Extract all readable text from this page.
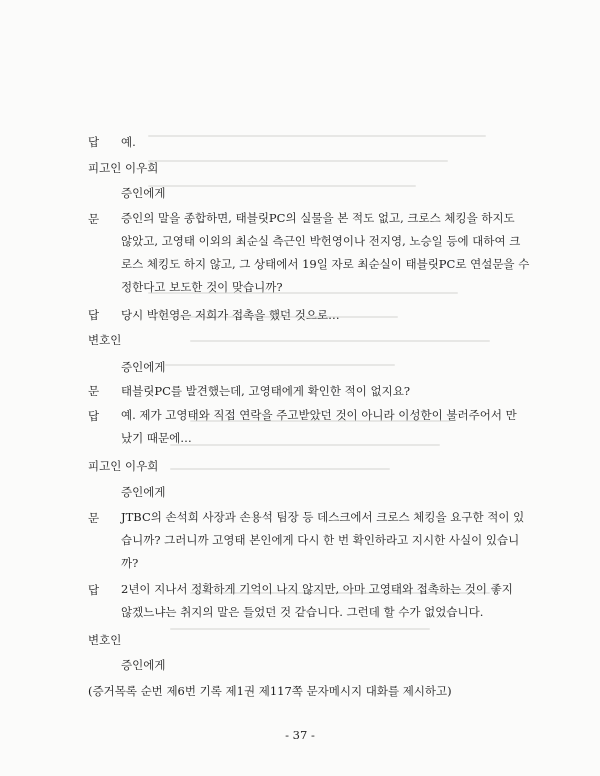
답 예.
피고인 이우희
증인에게
문 증인의 말을 종합하면, 태블릿PC의 실물을 본 적도 없고, 크로스 체킹을 하지도
않았고, 고영태 이외의 최순실 측근인 박헌영이나 전지영, 노승일 등에 대하여 크
로스 체킹도 하지 않고, 그 상태에서 19일 자로 최순실이 태블릿PC로 연설문을 수
정한다고 보도한 것이 맞습니까?
답 당시 박헌영은 저희가 접촉을 했던 것으로…
변호인
증인에게
문 태블릿PC를 발견했는데, 고영태에게 확인한 적이 없지요?
답 예. 제가 고영태와 직접 연락을 주고받았던 것이 아니라 이성한이 불러주어서 만
났기 때문에…
피고인 이우희
증인에게
문 JTBC의 손석희 사장과 손용석 팀장 등 데스크에서 크로스 체킹을 요구한 적이 있
습니까? 그러니까 고영태 본인에게 다시 한 번 확인하라고 지시한 사실이 있습니
까?
답 2년이 지나서 정확하게 기억이 나지 않지만, 아마 고영태와 접촉하는 것이 좋지
않겠느냐는 취지의 말은 들었던 것 같습니다. 그런데 할 수가 없었습니다.
변호인
증인에게
(증거목록 순번 제6번 기록 제1권 제117쪽 문자메시지 대화를 제시하고)
- 37 -
